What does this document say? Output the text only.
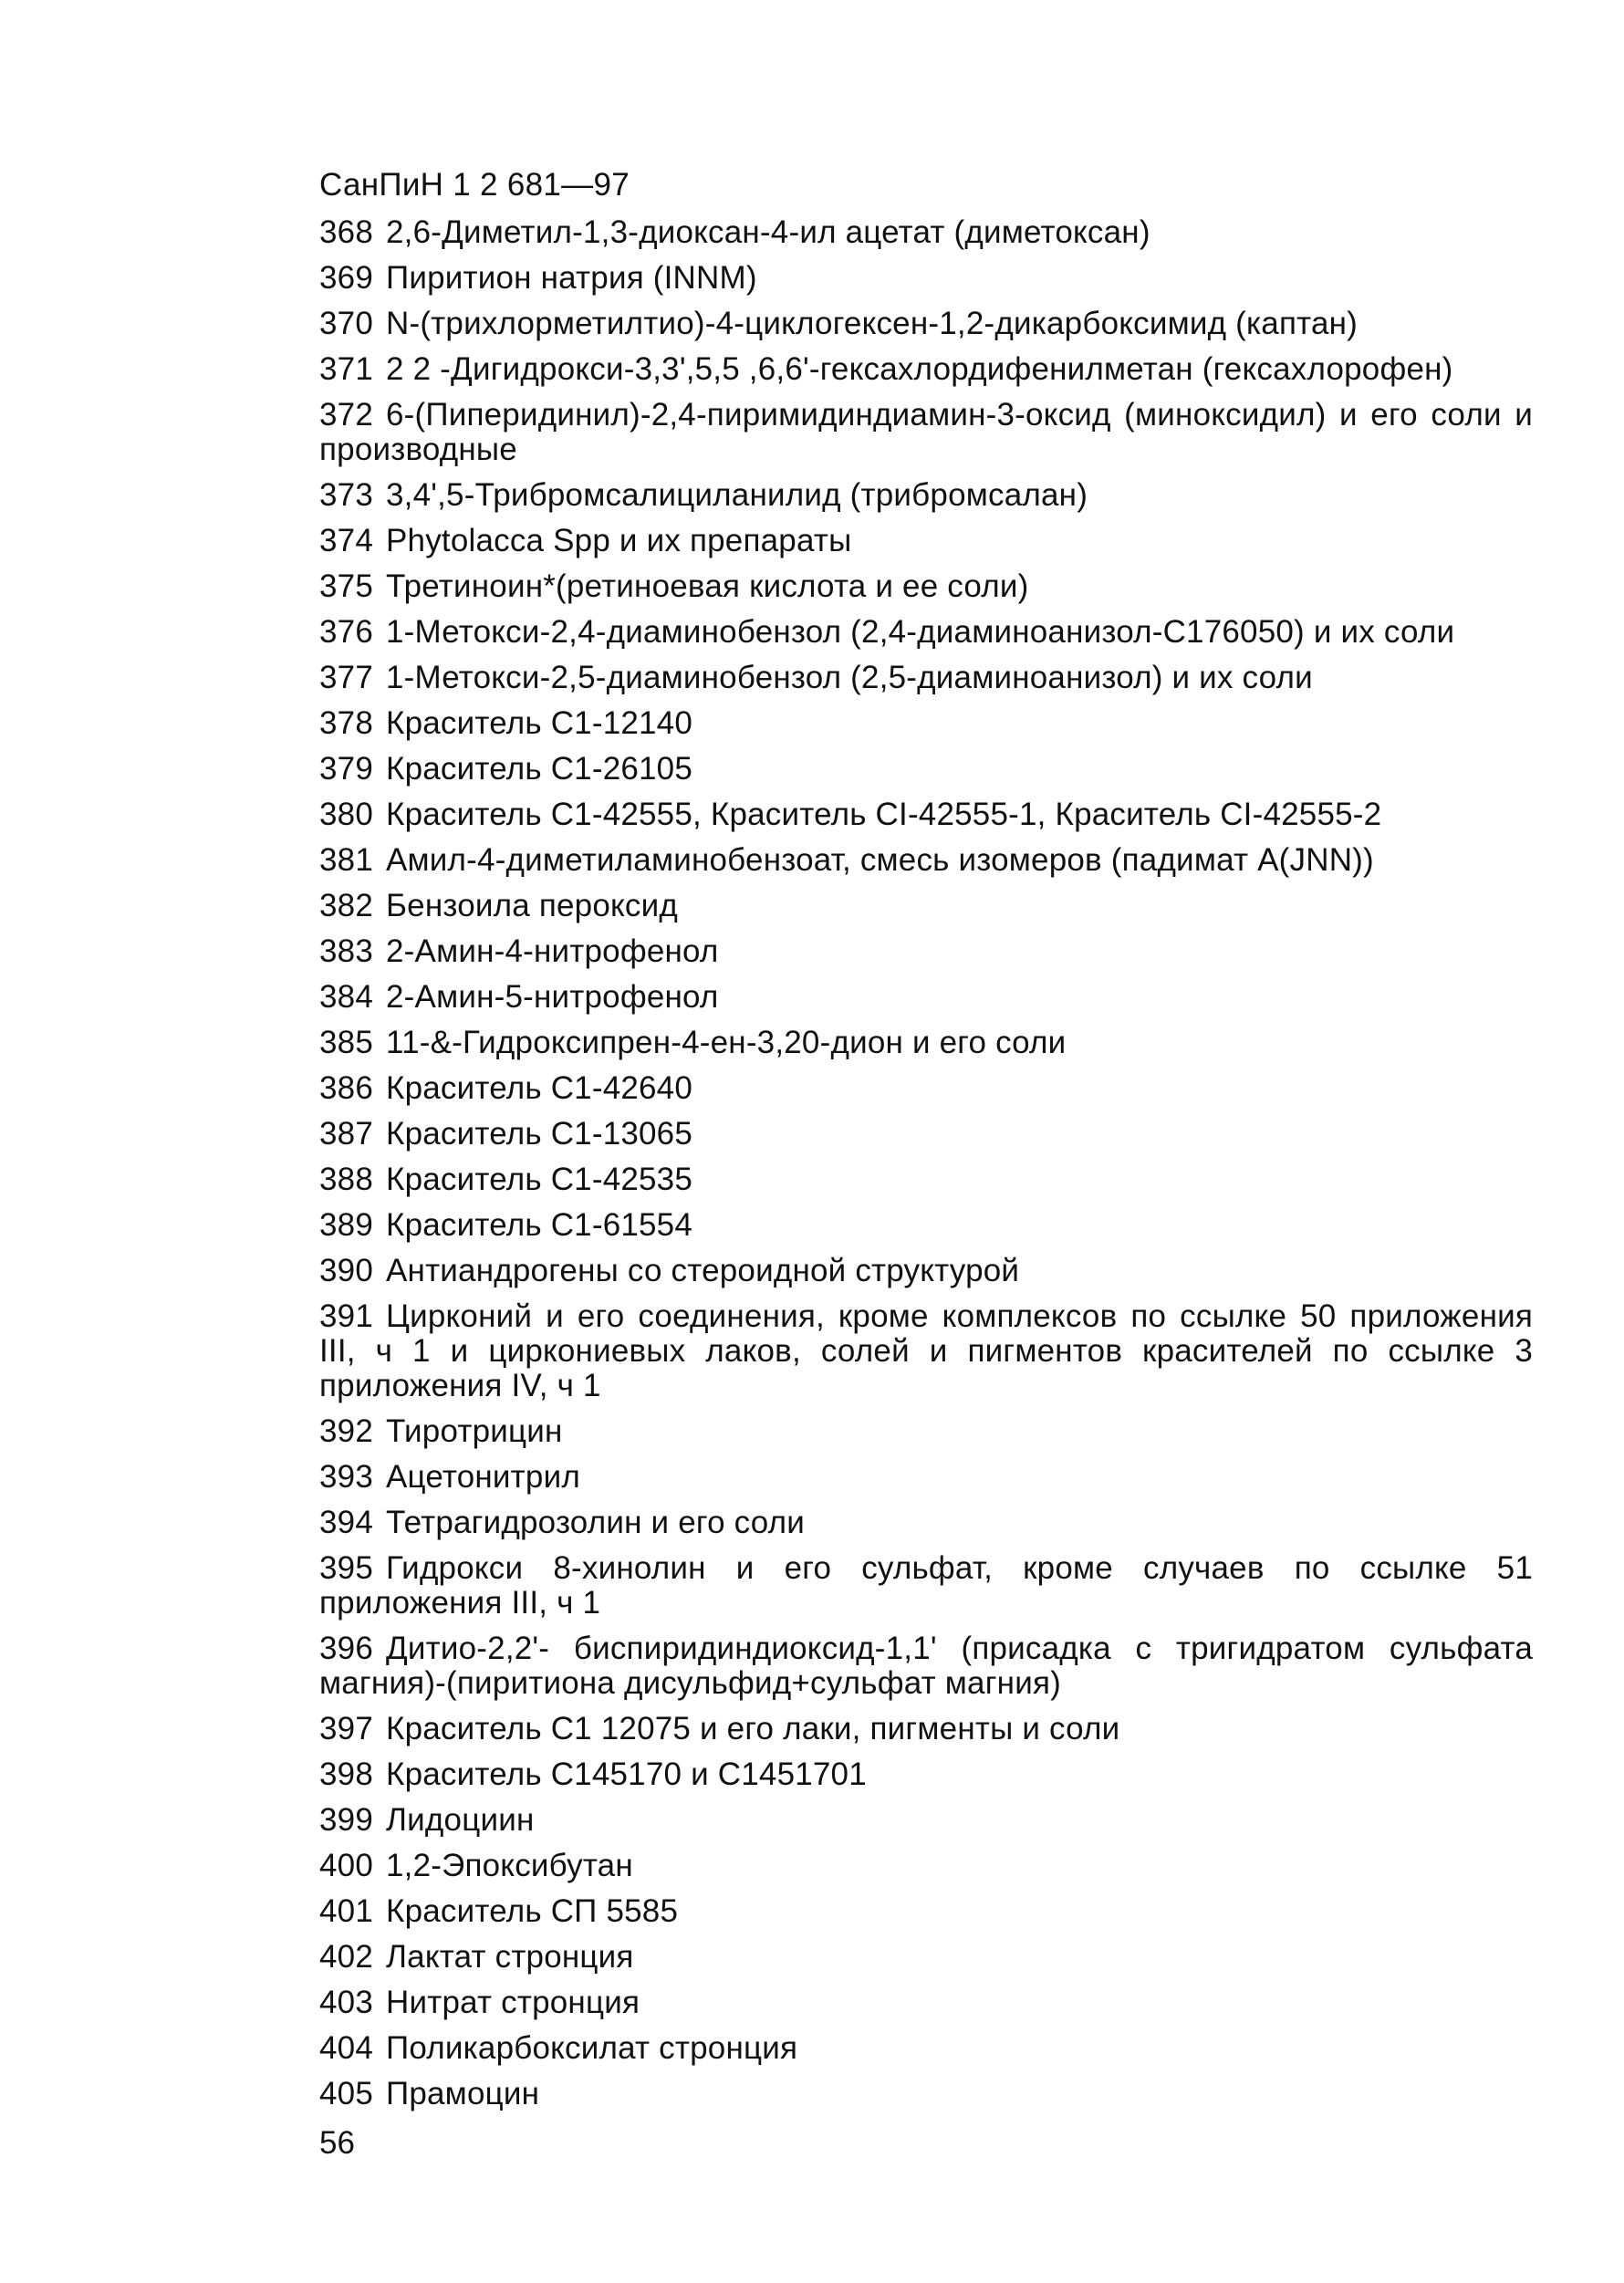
СанПиН 1 2 681—97
368 2,6-Диметил-1,3-диоксан-4-ил ацетат (диметоксан)
369 Пиритион натрия (INNM)
370 N-(трихлорметилтио)-4-циклогексен-1,2-дикарбоксимид (каптан)
371 2 2 -Дигидрокси-3,3',5,5 ,6,6'-гексахлордифенилметан (гексахлорофен)
372 6-(Пиперидинил)-2,4-пиримидиндиамин-3-оксид (миноксидил) и его соли и производные
373 3,4',5-Трибромсалициланилид (трибромсалан)
374 Phytolacca Spp и их препараты
375 Третиноин*(ретиноевая кислота и ее соли)
376 1-Метокси-2,4-диаминобензол (2,4-диаминоанизол-С176050) и их соли
377 1-Метокси-2,5-диаминобензол (2,5-диаминоанизол) и их соли
378 Краситель С1-12140
379 Краситель С1-26105
380 Краситель С1-42555, Краситель CI-42555-1, Краситель CI-42555-2
381 Амил-4-диметиламинобензоат, смесь изомеров (падимат A(JNN))
382 Бензоила пероксид
383 2-Амин-4-нитрофенол
384 2-Амин-5-нитрофенол
385 11-&-Гидроксипрен-4-ен-3,20-дион и его соли
386 Краситель С1-42640
387 Краситель С1-13065
388 Краситель С1-42535
389 Краситель С1-61554
390 Антиандрогены со стероидной структурой
391 Цирконий и его соединения, кроме комплексов по ссылке 50 приложения III, ч 1 и циркониевых лаков, солей и пигментов красителей по ссылке 3 приложения IV, ч 1
392 Тиротрицин
393 Ацетонитрил
394 Тетрагидрозолин и его соли
395 Гидрокси 8-хинолин и его сульфат, кроме случаев по ссылке 51 приложения III, ч 1
396 Дитио-2,2'- биспиридиндиоксид-1,1' (присадка с тригидратом сульфата магния)-(пиритиона дисульфид+сульфат магния)
397 Краситель С1 12075 и его лаки, пигменты и соли
398 Краситель С145170 и С1451701
399 Лидоциин
400 1,2-Эпоксибутан
401 Краситель СП 5585
402 Лактат стронция
403 Нитрат стронция
404 Поликарбоксилат стронция
405 Прамоцин
56
